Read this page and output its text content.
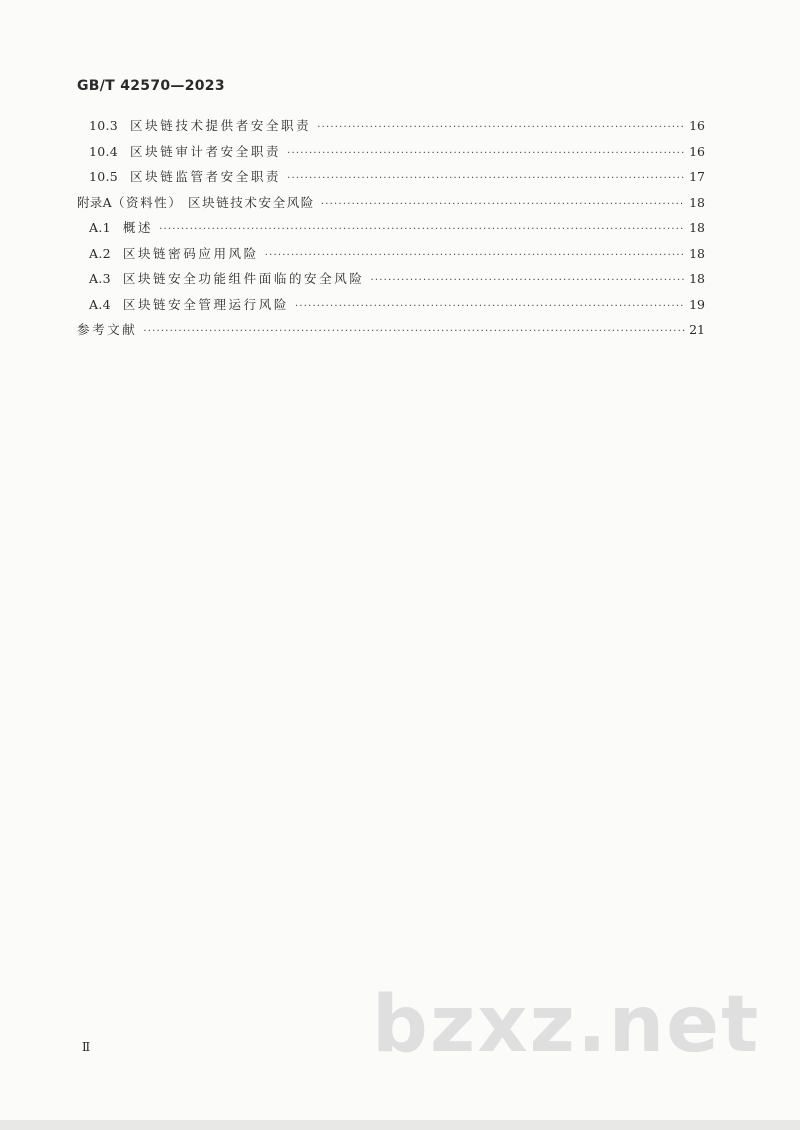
GB/T 42570—2023
10.3 区块链技术提供者安全职责 ·····	16
10.4 区块链审计者安全职责 ·····	16
10.5 区块链监管者安全职责 ·····	17
附录A （资料性） 区块链技术安全风险 ·····	18
A.1 概述 ·····	18
A.2 区块链密码应用风险 ·····	18
A.3 区块链安全功能组件面临的安全风险 ·····	18
A.4 区块链安全管理运行风险 ·····	19
参考文献 ·····	21
Ⅱ	bzxz.net
